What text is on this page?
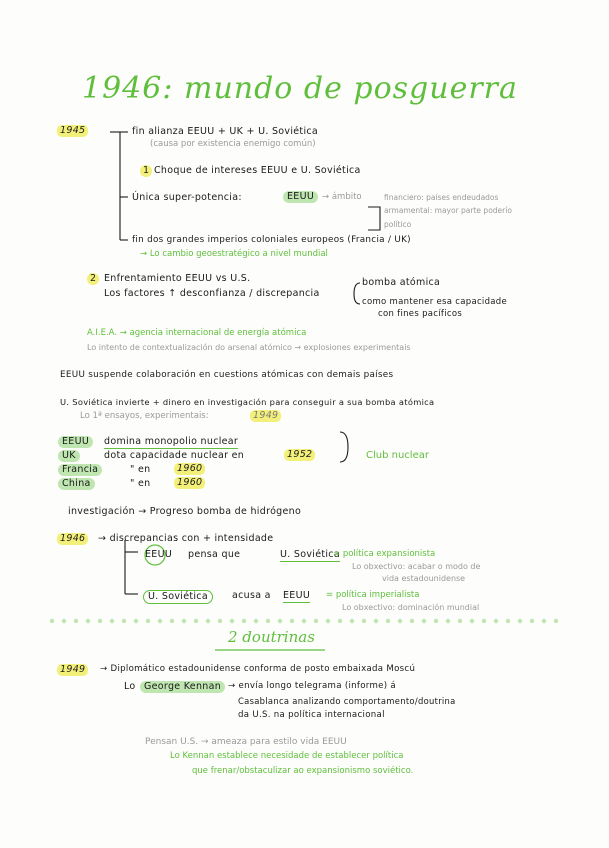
1946: mundo de posguerra
1945	fin alianza EEUU + UK + U. Soviética
(causa por existencia enemigo común)
1 Choque de intereses EEUU e U. Soviética
Única super-potencia:	EEUU → ámbito	financiero: países endeudados
armamental: mayor parte poderío
político
fin dos grandes imperios coloniales europeos (Francia / UK)
→ Lo cambio geoestratégico a nivel mundial
2 Enfrentamiento EEUU vs U.S.
Los factores ↑ desconfianza / discrepancia
bomba atómica
como mantener esa capacidade
con fines pacíficos
A.I.E.A. → agencia internacional de energía atómica
Lo intento de contextualización do arsenal atómico → explosiones experimentais
EEUU suspende colaboración en cuestions atómicas con demais países
U. Soviética invierte + dinero en investigación para conseguir a sua bomba atómica
Lo 1ª ensayos, experimentais:	1949
EEUU	domina monopolio nuclear
UK	dota capacidade nuclear en	1952
Francia	" en	1960
China	" en	1960
Club nuclear
investigación → Progreso bomba de hidrógeno
1946	→ discrepancias con + intensidade
EEUU pensa que	U. Soviética
= política expansionista
Lo obxectivo: acabar o modo de
vida estadounidense
U. Soviética	acusa a EEUU = política imperialista
Lo obxectivo: dominación mundial
2 doutrinas
1949	→ Diplomático estadounidense conforma de posto embaixada Moscú
Lo George Kennan → envía longo telegrama (informe) á
Casablanca analizando comportamento/doutrina
da U.S. na política internacional
Pensan U.S. → ameaza para estilo vida EEUU
Lo Kennan establece necesidade de establecer política
que frenar/obstaculizar ao expansionismo soviético.
